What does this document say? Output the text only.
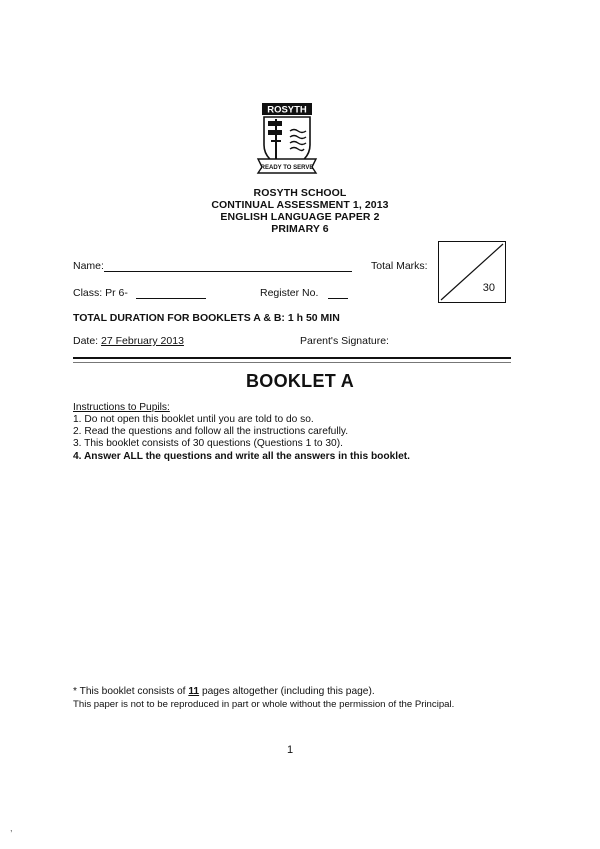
ROSYTH
READY TO SERVE
ROSYTH SCHOOL
CONTINUAL ASSESSMENT 1, 2013
ENGLISH LANGUAGE PAPER 2
PRIMARY 6
Name:	Total Marks:
30
Class: Pr 6-	Register No.
TOTAL DURATION FOR BOOKLETS A & B: 1 h 50 MIN
Date: 27 February 2013	Parent's Signature:
BOOKLET A
Instructions to Pupils:
1. Do not open this booklet until you are told to do so.
2. Read the questions and follow all the instructions carefully.
3. This booklet consists of 30 questions (Questions 1 to 30).
4. Answer ALL the questions and write all the answers in this booklet.
* This booklet consists of 11 pages altogether (including this page).
This paper is not to be reproduced in part or whole without the permission of the Principal.
1
,
